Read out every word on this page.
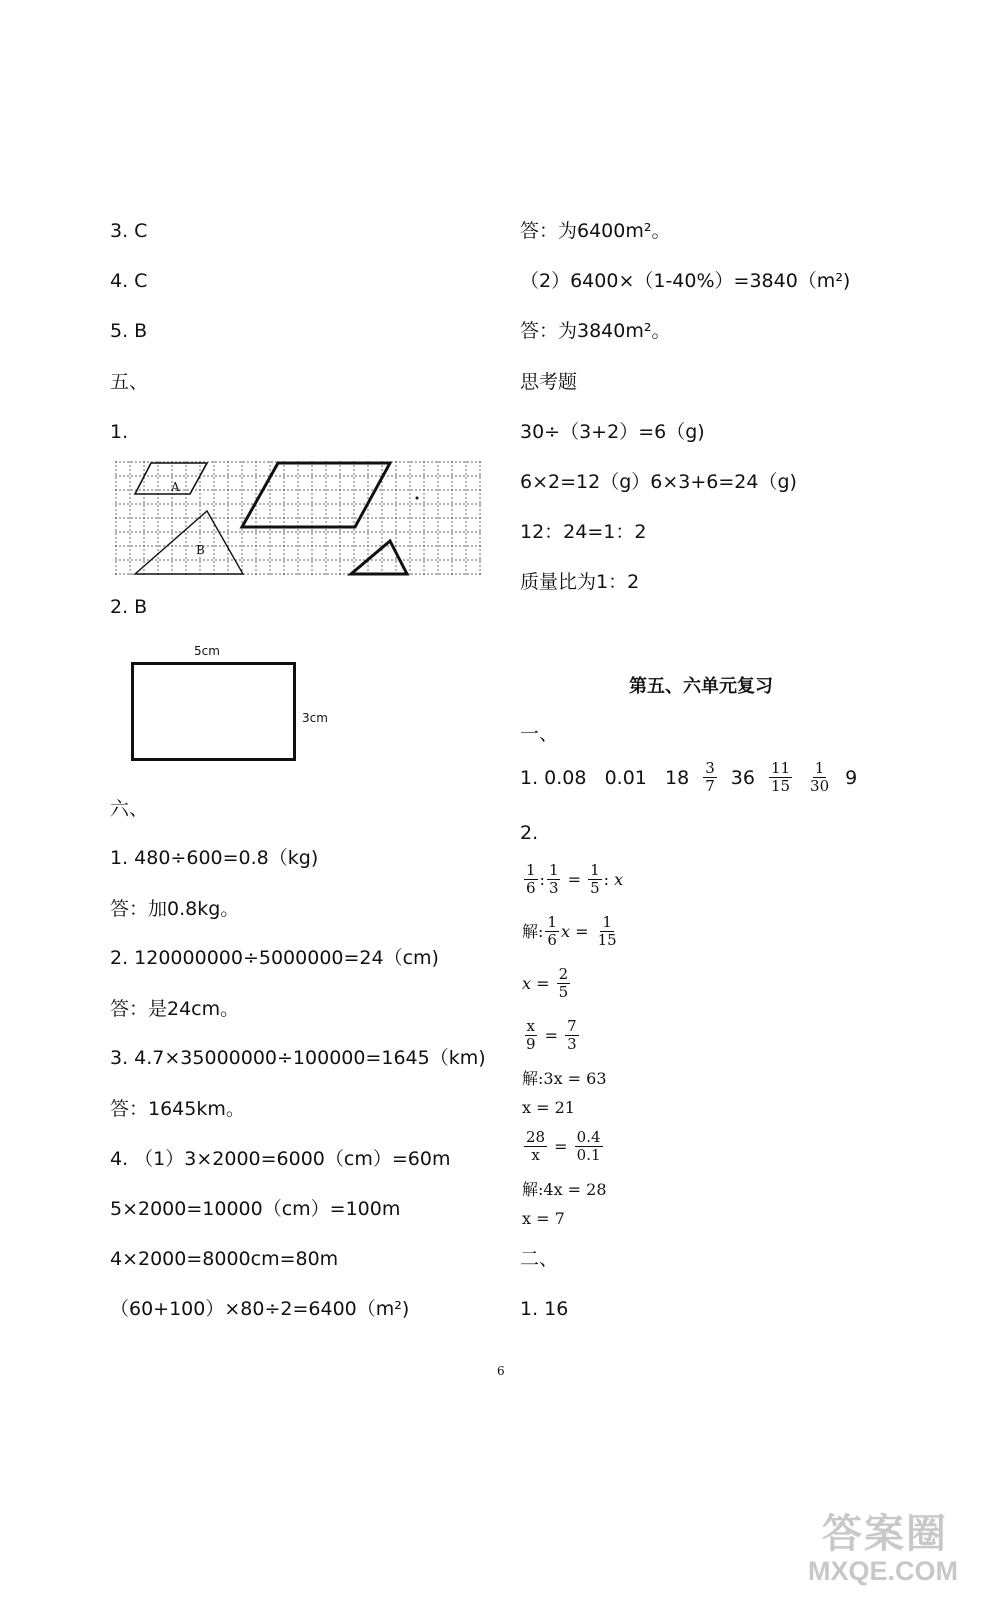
3. C
4. C
5. B
五、
1.
A
B
2. B
5cm
3cm
六、
1. 480÷600=0.8（kg)
答：加0.8kg。
2. 120000000÷5000000=24（cm)
答：是24cm。
3. 4.7×35000000÷100000=1645（km)
答：1645km。
4. （1）3×2000=6000（cm）=60m
5×2000=10000（cm）=100m
4×2000=8000cm=80m
（60+100）×80÷2=6400（m²)
答：为6400m²。
（2）6400×（1-40%）=3840（m²)
答：为3840m²。
思考题
30÷（3+2）=6（g)
6×2=12（g）6×3+6=24（g)
12：24=1：2
质量比为1：2
第五、六单元复习
一、
1. 0.08   0.01   $18 \frac{3}{7} 36 \frac{11}{15} \frac{1}{30} 9$
2.
$\frac{1}{6}$ : $\frac{1}{3} = \frac{1}{5}$ : x
解: $\frac{1}{6}$ $x = \frac{1}{15}$
$x = \frac{2}{5}$
$\frac{x}{9} = \frac{7}{3}$
解:3x = 63
x = 21
$\frac{28}{x} = \frac{0.4}{0.1}$
解:4x = 28
x = 7
二、
1. 16
6
答案圈
MXQE.COM
